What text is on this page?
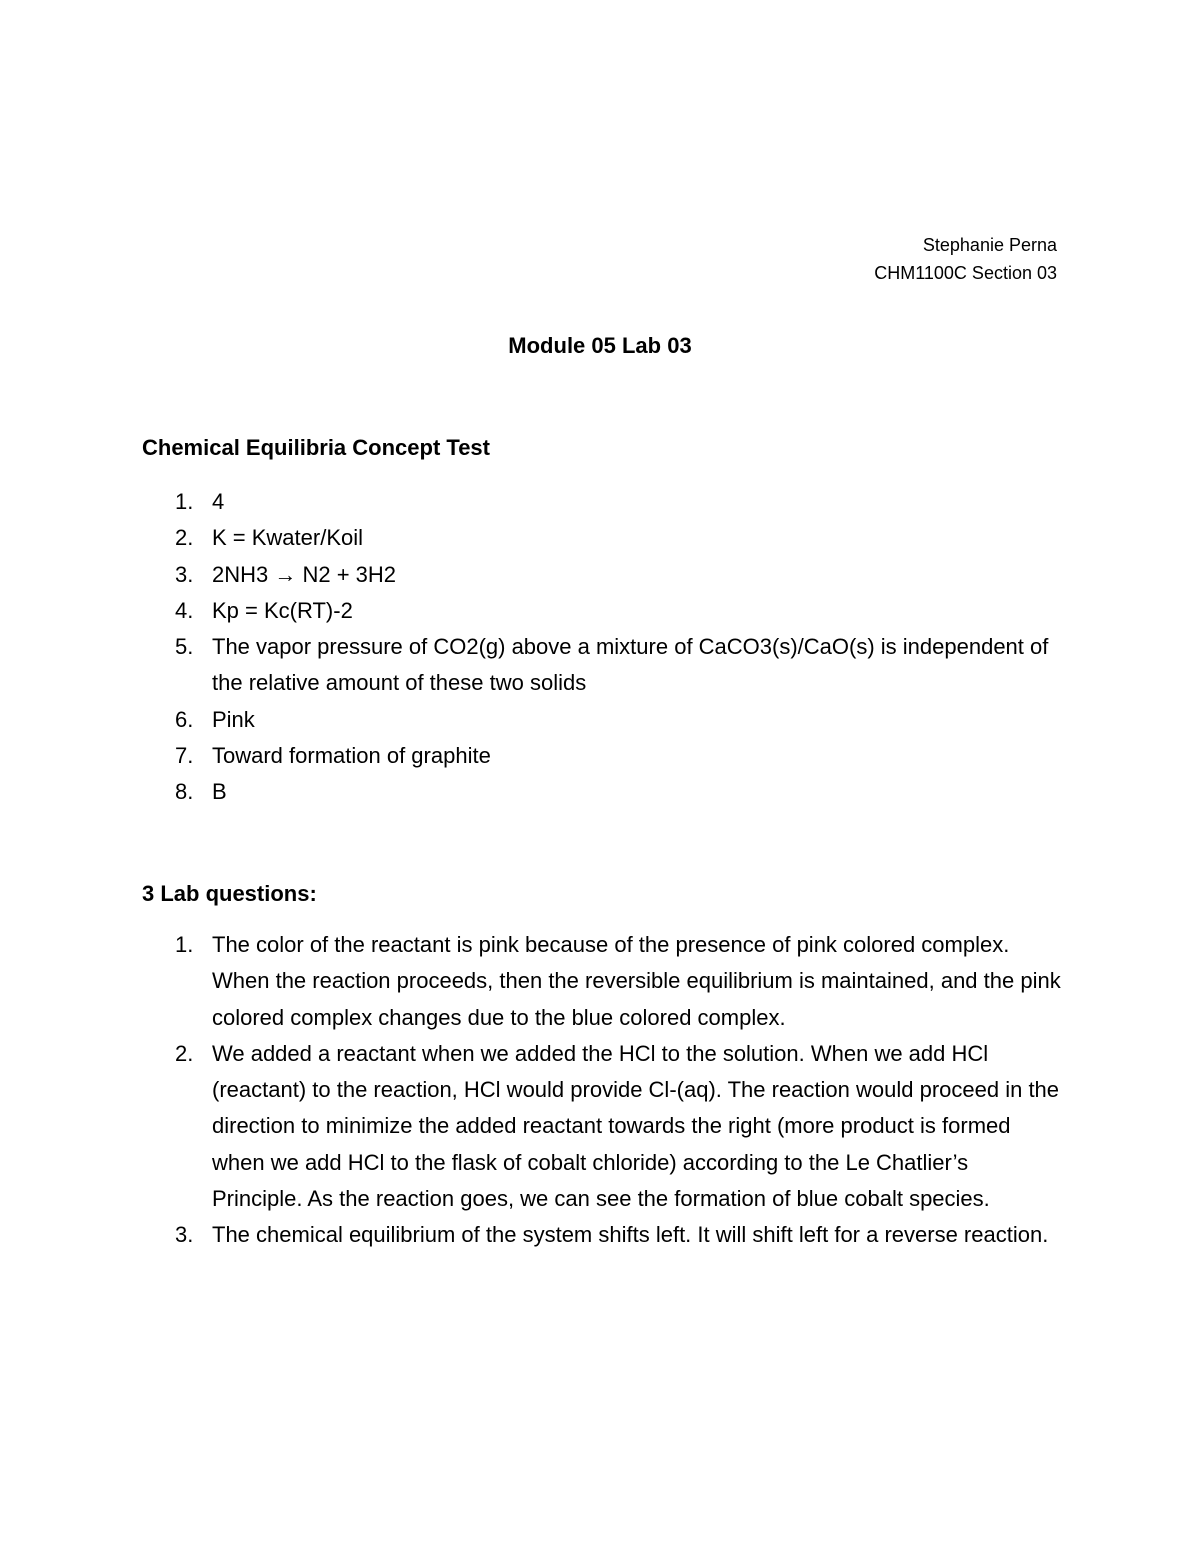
Stephanie Perna
CHM1100C Section 03
Module 05 Lab 03
Chemical Equilibria Concept Test
1. 4
2. K = Kwater/Koil
3. 2NH3 → N2 + 3H2
4. Kp = Kc(RT)-2
5. The vapor pressure of CO2(g) above a mixture of CaCO3(s)/CaO(s) is independent of the relative amount of these two solids
6. Pink
7. Toward formation of graphite
8. B
3 Lab questions:
1. The color of the reactant is pink because of the presence of pink colored complex. When the reaction proceeds, then the reversible equilibrium is maintained, and the pink colored complex changes due to the blue colored complex.
2. We added a reactant when we added the HCl to the solution. When we add HCl (reactant) to the reaction, HCl would provide Cl-(aq). The reaction would proceed in the direction to minimize the added reactant towards the right (more product is formed when we add HCl to the flask of cobalt chloride) according to the Le Chatlier’s Principle. As the reaction goes, we can see the formation of blue cobalt species.
3. The chemical equilibrium of the system shifts left. It will shift left for a reverse reaction.
